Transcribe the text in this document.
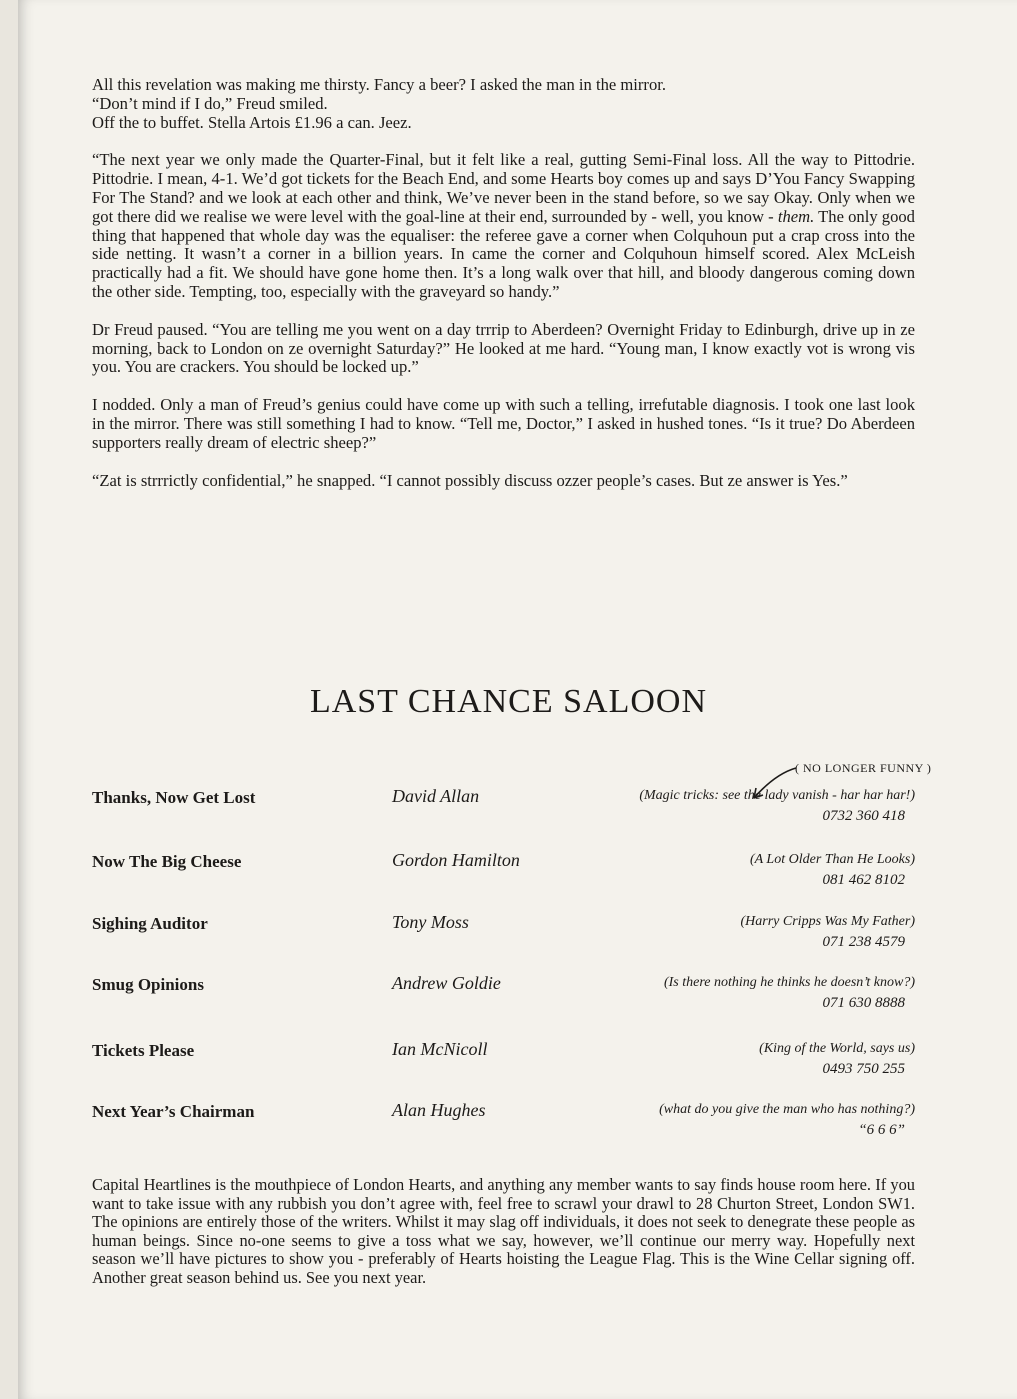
All this revelation was making me thirsty. Fancy a beer? I asked the man in the mirror.
“Don’t mind if I do,” Freud smiled.
Off the to buffet. Stella Artois £1.96 a can. Jeez.

“The next year we only made the Quarter-Final, but it felt like a real, gutting Semi-Final loss. All the way to Pittodrie. Pittodrie. I mean, 4-1. We’d got tickets for the Beach End, and some Hearts boy comes up and says D’You Fancy Swapping For The Stand? and we look at each other and think, We’ve never been in the stand before, so we say Okay. Only when we got there did we realise we were level with the goal-line at their end, surrounded by - well, you know - them. The only good thing that happened that whole day was the equaliser: the referee gave a corner when Colquhoun put a crap cross into the side netting. It wasn’t a corner in a billion years. In came the corner and Colquhoun himself scored. Alex McLeish practically had a fit. We should have gone home then. It’s a long walk over that hill, and bloody dangerous coming down the other side. Tempting, too, especially with the graveyard so handy.”

Dr Freud paused. “You are telling me you went on a day trrrip to Aberdeen? Overnight Friday to Edinburgh, drive up in ze morning, back to London on ze overnight Saturday?” He looked at me hard. “Young man, I know exactly vot is wrong vis you. You are crackers. You should be locked up.”

I nodded. Only a man of Freud’s genius could have come up with such a telling, irrefutable diagnosis. I took one last look in the mirror. There was still something I had to know. “Tell me, Doctor,” I asked in hushed tones. “Is it true? Do Aberdeen supporters really dream of electric sheep?”

“Zat is strrrictly confidential,” he snapped. “I cannot possibly discuss ozzer people’s cases. But ze answer is Yes.”

LAST CHANCE SALOON
( NO LONGER FUNNY )
Thanks, Now Get Lost	David Allan	(Magic tricks: see the lady vanish - har har har!)
0732 360 418
Now The Big Cheese	Gordon Hamilton	(A Lot Older Than He Looks)
081 462 8102
Sighing Auditor	Tony Moss	(Harry Cripps Was My Father)
071 238 4579
Smug Opinions	Andrew Goldie	(Is there nothing he thinks he doesn’t know?)
071 630 8888
Tickets Please	Ian McNicoll	(King of the World, says us)
0493 750 255
Next Year’s Chairman	Alan Hughes	(what do you give the man who has nothing?)
“6 6 6”
Capital Heartlines is the mouthpiece of London Hearts, and anything any member wants to say finds house room here. If you want to take issue with any rubbish you don’t agree with, feel free to scrawl your drawl to 28 Churton Street, London SW1. The opinions are entirely those of the writers. Whilst it may slag off individuals, it does not seek to denegrate these people as human beings. Since no-one seems to give a toss what we say, however, we’ll continue our merry way. Hopefully next season we’ll have pictures to show you - preferably of Hearts hoisting the League Flag. This is the Wine Cellar signing off. Another great season behind us. See you next year.
